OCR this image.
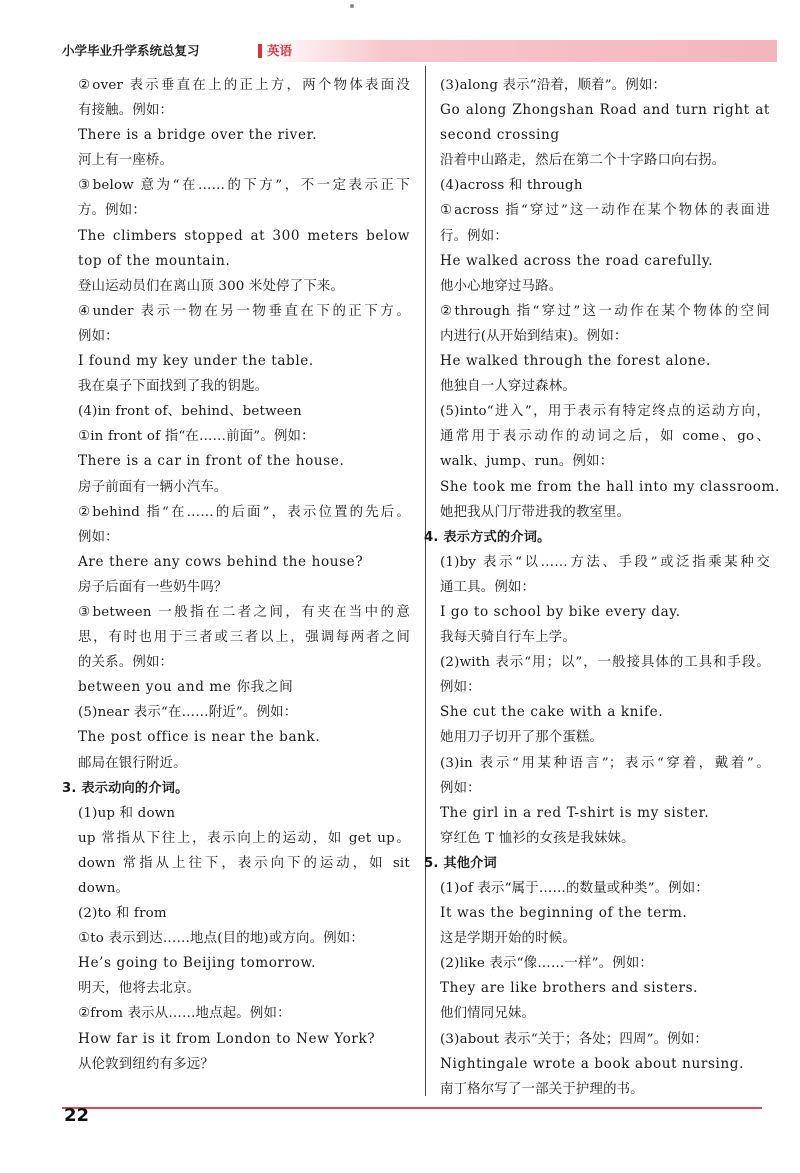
小学毕业升学系统总复习	英语
②over 表示垂直在上的正上方，两个物体表面没
有接触。例如：
There is a bridge over the river.
河上有一座桥。
③below 意为“在……的下方”，不一定表示正下
方。例如：
The climbers stopped at 300 meters below
top of the mountain.
登山运动员们在离山顶 300 米处停了下来。
④under 表示一物在另一物垂直在下的正下方。
例如：
I found my key under the table.
我在桌子下面找到了我的钥匙。
(4)in front of、behind、between
①in front of 指“在……前面”。例如：
There is a car in front of the house.
房子前面有一辆小汽车。
②behind 指“在……的后面”，表示位置的先后。
例如：
Are there any cows behind the house?
房子后面有一些奶牛吗？
③between 一般指在二者之间，有夹在当中的意
思，有时也用于三者或三者以上，强调每两者之间
的关系。例如：
between you and me 你我之间
(5)near 表示“在……附近”。例如：
The post office is near the bank.
邮局在银行附近。
3. 表示动向的介词。
(1)up 和 down
up 常指从下往上，表示向上的运动，如 get up。
down 常指从上往下，表示向下的运动，如 sit
down。
(2)to 和 from
①to 表示到达……地点(目的地)或方向。例如：
He’s going to Beijing tomorrow.
明天，他将去北京。
②from 表示从……地点起。例如：
How far is it from London to New York?
从伦敦到纽约有多远？
(3)along 表示“沿着，顺着”。例如：
Go along Zhongshan Road and turn right at
second crossing
沿着中山路走，然后在第二个十字路口向右拐。
(4)across 和 through
①across 指“穿过”这一动作在某个物体的表面进
行。例如：
He walked across the road carefully.
他小心地穿过马路。
②through 指“穿过”这一动作在某个物体的空间
内进行(从开始到结束)。例如：
He walked through the forest alone.
他独自一人穿过森林。
(5)into“进入”，用于表示有特定终点的运动方向，
通常用于表示动作的动词之后，如 come、go、
walk、jump、run。例如：
She took me from the hall into my classroom.
她把我从门厅带进我的教室里。
4. 表示方式的介词。
(1)by 表示“以……方法、手段”或泛指乘某种交
通工具。例如：
I go to school by bike every day.
我每天骑自行车上学。
(2)with 表示“用；以”，一般接具体的工具和手段。
例如：
She cut the cake with a knife.
她用刀子切开了那个蛋糕。
(3)in 表示“用某种语言”；表示“穿着，戴着”。
例如：
The girl in a red T-shirt is my sister.
穿红色 T 恤衫的女孩是我妹妹。
5. 其他介词
(1)of 表示“属于……的数量或种类”。例如：
It was the beginning of the term.
这是学期开始的时候。
(2)like 表示“像……一样”。例如：
They are like brothers and sisters.
他们情同兄妹。
(3)about 表示“关于；各处；四周”。例如：
Nightingale wrote a book about nursing.
南丁格尔写了一部关于护理的书。
22
